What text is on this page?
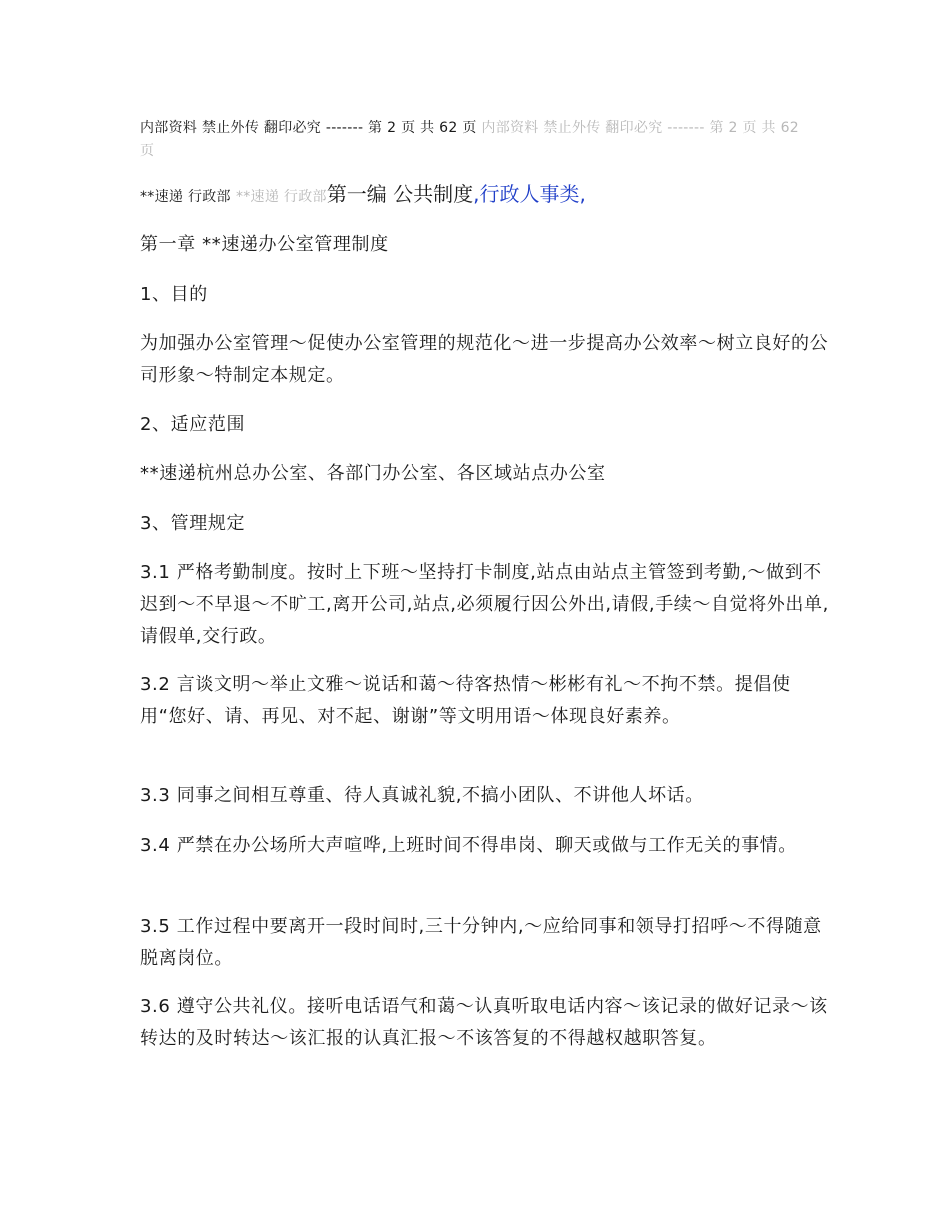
内部资料 禁止外传 翻印必究 ------- 第 2 页 共 62 页 内部资料 禁止外传 翻印必究 ------- 第 2 页 共 62 页
**速递 行政部 **速递 行政部第一编 公共制度,行政人事类,

第一章 **速递办公室管理制度

1、目的

为加强办公室管理～促使办公室管理的规范化～进一步提高办公效率～树立良好的公司形象～特制定本规定。

2、适应范围

**速递杭州总办公室、各部门办公室、各区域站点办公室

3、管理规定

3.1 严格考勤制度。按时上下班～坚持打卡制度,站点由站点主管签到考勤,～做到不迟到～不早退～不旷工,离开公司,站点,必须履行因公外出,请假,手续～自觉将外出单,请假单,交行政。

3.2 言谈文明～举止文雅～说话和蔼～待客热情～彬彬有礼～不拘不禁。提倡使用“您好、请、再见、对不起、谢谢”等文明用语～体现良好素养。

3.3 同事之间相互尊重、待人真诚礼貌,不搞小团队、不讲他人坏话。

3.4 严禁在办公场所大声喧哗,上班时间不得串岗、聊天或做与工作无关的事情。

3.5 工作过程中要离开一段时间时,三十分钟内,～应给同事和领导打招呼～不得随意脱离岗位。

3.6 遵守公共礼仪。接听电话语气和蔼～认真听取电话内容～该记录的做好记录～该转达的及时转达～该汇报的认真汇报～不该答复的不得越权越职答复。
